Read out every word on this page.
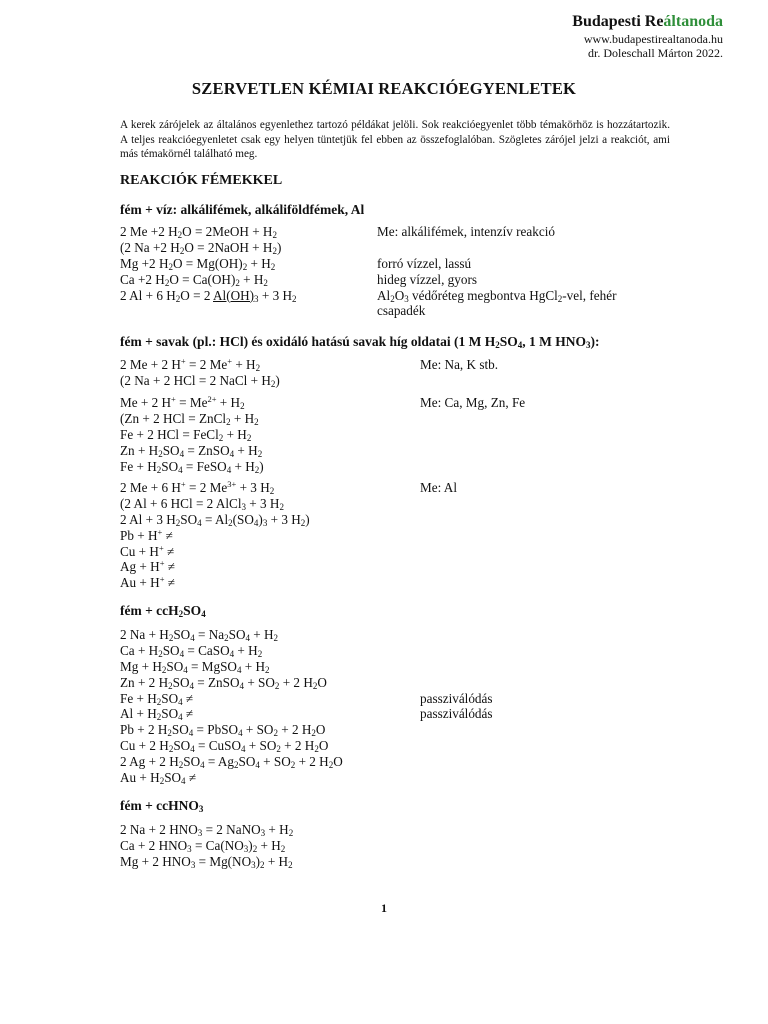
Budapesti Reáltanoda
www.budapestirealtanoda.hu
dr. Doleschall Márton 2022.
SZERVETLEN KÉMIAI REAKCIÓEGYENLETEK
A kerek zárójelek az általános egyenlethez tartozó példákat jelöli. Sok reakcióegyenlet több témakörhöz is hozzátartozik. A teljes reakcióegyenletet csak egy helyen tüntetjük fel ebben az összefoglalóban. Szögletes zárójel jelzi a reakciót, ami más témakörnél található meg.
REAKCIÓK FÉMEKKEL
fém + víz: alkálifémek, alkáliföldfémek, Al
2 Me +2 $H_2O$ = 2MeOH + $H_2$	Me: alkálifémek, intenzív reakció
(2 Na +2 $H_2O$ = 2NaOH + $H_2$)
Mg +2 $H_2O = Mg(OH)_2 + H_2$	forró vízzel, lassú
Ca +2 $H_2O = Ca(OH)_2 + H_2$	hideg vízzel, gyors
2 Al + 6 $H_2O = 2$ $Al(OH)_3 + 3$ $H_2$	$Al_2O_3$ védőréteg megbontva HgCl$_2$-vel, fehér
csapadék
fém + savak (pl.: HCl) és oxidáló hatású savak híg oldatai (1 M $H_2SO_4$, 1 M $HNO_3$):
2 Me + 2 H+ = 2 $Me^+ + H_2$	Me: Na, K stb.
(2 Na + 2 HCl = 2 NaCl + $H_2$)
Me + 2 $H^+ = Me^{2+} + H_2$	Me: Ca, Mg, Zn, Fe
(Zn + 2 HCl = ZnCl$_2$ + $H_2$
Fe + 2 HCl = FeCl$_2$ + $H_2$
$Zn + H_2SO_4$ = ZnSO$_4$ + $H_2$
$Fe + H_2SO_4$ = FeSO$_4$ + $H_2$)
2 Me + 6 H+ = 2 $Me^{3+} + 3$ $H_2$	Me: Al
(2 Al + 6 HCl = 2 AlCl$_3$ + 3 $H_2$
2 Al + 3 $H_2SO_4 = Al_2(SO_4)_3 + 3$ $H_2$)
Pb + H+ ≠
Cu + H+ ≠
Ag + H+ ≠
Au + H+ ≠
fém + $ccH_2SO_4$
2 $Na + H_2SO_4 = Na_2SO_4 + H_2$
$Ca + H_2SO_4$ = CaSO$_4$ + $H_2$
$Mg + H_2SO_4$ = MgSO$_4$ + $H_2$
Zn + 2 $H_2SO_4$ = ZnSO$_4$ + $SO_2 + 2$ $H_2O$
$Fe + H_2SO_4$ ≠	passziválódás
$Al + H_2SO_4$ ≠	passziválódás
Pb + 2 $H_2SO_4$ = PbSO$_4$ + $SO_2 + 2$ $H_2O$
Cu + 2 $H_2SO_4$ = CuSO$_4$ + $SO_2 + 2$ $H_2O$
2 Ag + 2 $H_2SO_4 = Ag_2SO_4 + SO_2 + 2$ $H_2O$
$Au + H_2SO_4$ ≠
fém + ccHNO$_3$
2 Na + 2 $HNO_3 = 2$ NaNO$_3$ + $H_2$
Ca + 2 $HNO_3 = Ca(NO_3)_2 + H_2$
Mg + 2 $HNO_3 = Mg(NO_3)_2 + H_2$
1
